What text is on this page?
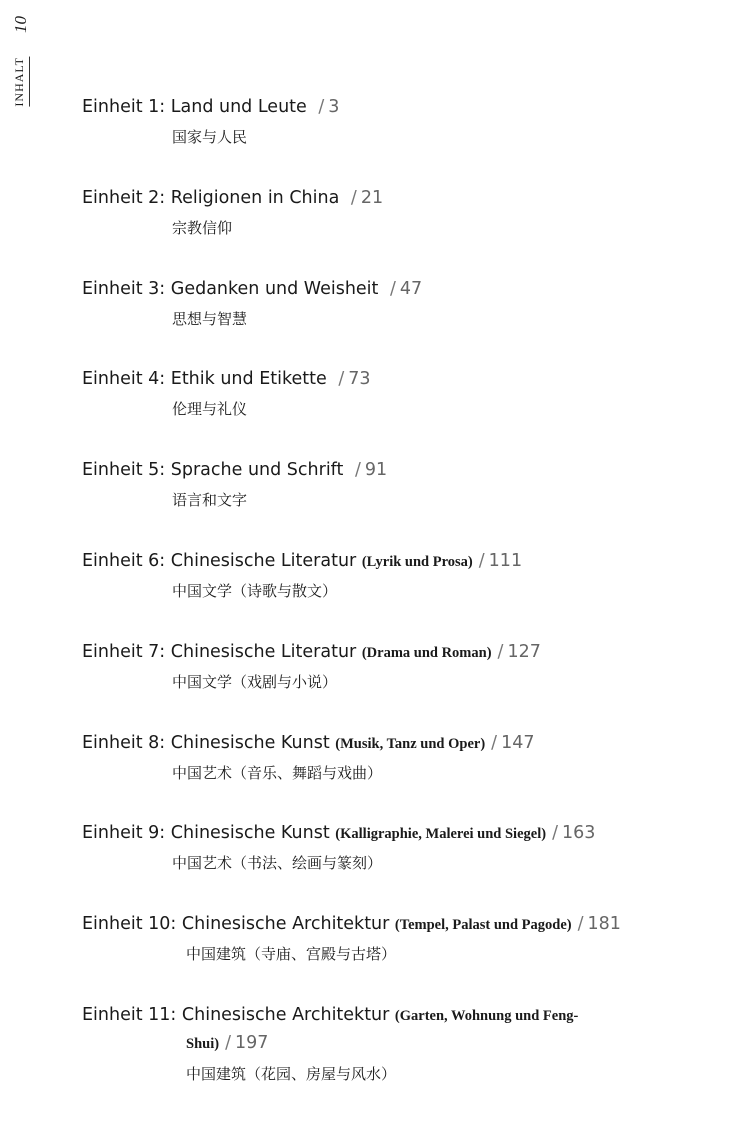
10
INHALT
Einheit 1: Land und Leute / 3
国家与人民
Einheit 2: Religionen in China / 21
宗教信仰
Einheit 3: Gedanken und Weisheit / 47
思想与智慧
Einheit 4: Ethik und Etikette / 73
伦理与礼仪
Einheit 5: Sprache und Schrift / 91
语言和文字
Einheit 6: Chinesische Literatur (Lyrik und Prosa) / 111
中国文学（诗歌与散文）
Einheit 7: Chinesische Literatur (Drama und Roman) / 127
中国文学（戏剧与小说）
Einheit 8: Chinesische Kunst (Musik, Tanz und Oper) / 147
中国艺术（音乐、舞蹈与戏曲）
Einheit 9: Chinesische Kunst (Kalligraphie, Malerei und Siegel) / 163
中国艺术（书法、绘画与篆刻）
Einheit 10: Chinesische Architektur (Tempel, Palast und Pagode) / 181
中国建筑（寺庙、宫殿与古塔）
Einheit 11: Chinesische Architektur (Garten, Wohnung und Feng-
Shui) / 197
中国建筑（花园、房屋与风水）
